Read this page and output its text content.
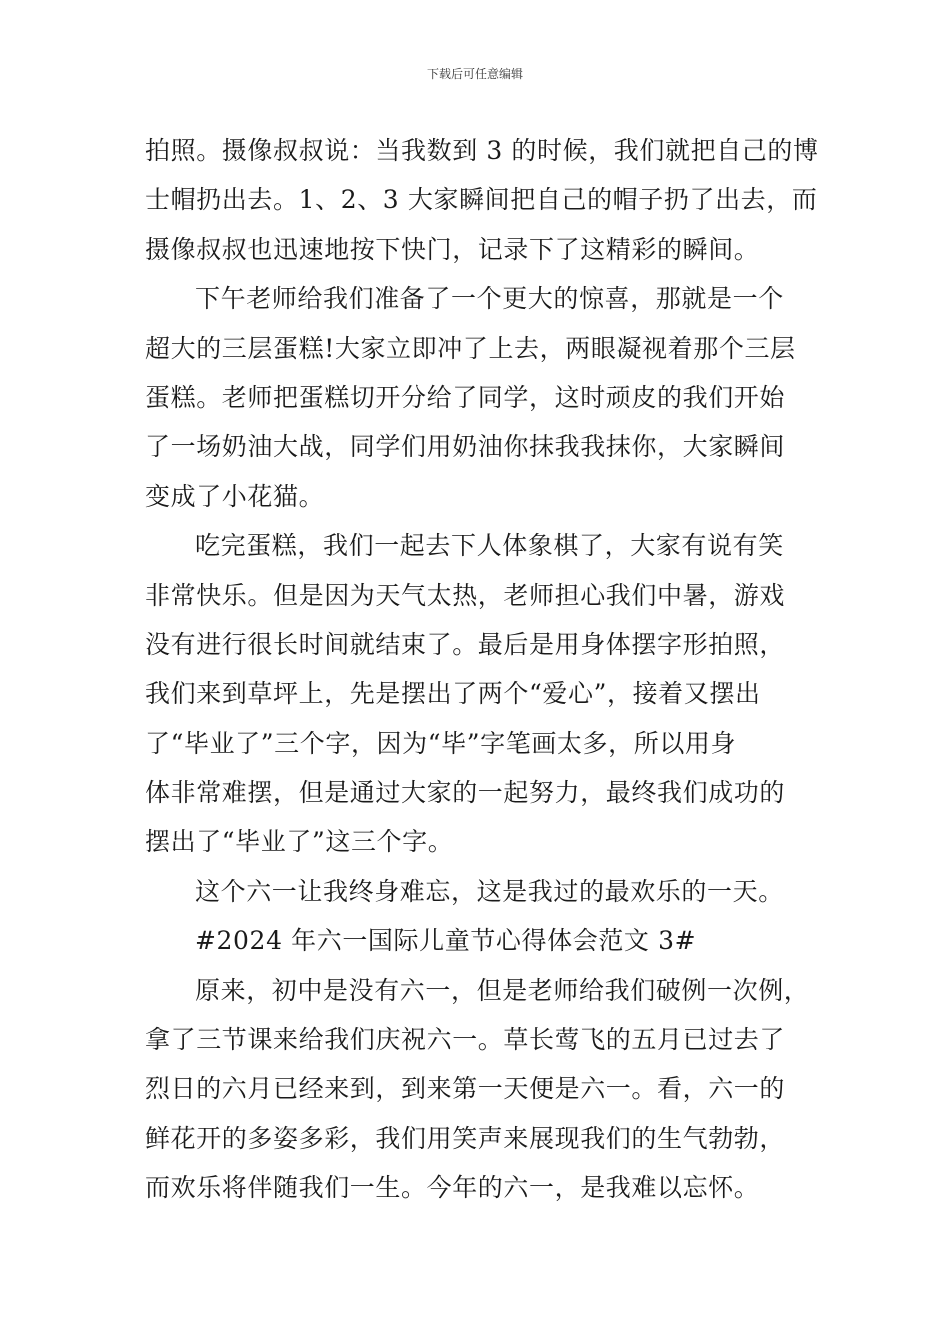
下载后可任意编辑
拍照。摄像叔叔说：当我数到 3 的时候，我们就把自己的博
士帽扔出去。1、2、3 大家瞬间把自己的帽子扔了出去，而
摄像叔叔也迅速地按下快门，记录下了这精彩的瞬间。
下午老师给我们准备了一个更大的惊喜，那就是一个
超大的三层蛋糕!大家立即冲了上去，两眼凝视着那个三层
蛋糕。老师把蛋糕切开分给了同学，这时顽皮的我们开始
了一场奶油大战，同学们用奶油你抹我我抹你，大家瞬间
变成了小花猫。
吃完蛋糕，我们一起去下人体象棋了，大家有说有笑
非常快乐。但是因为天气太热，老师担心我们中暑，游戏
没有进行很长时间就结束了。最后是用身体摆字形拍照，
我们来到草坪上，先是摆出了两个“爱心”，接着又摆出
了“毕业了”三个字，因为“毕”字笔画太多，所以用身
体非常难摆，但是通过大家的一起努力，最终我们成功的
摆出了“毕业了”这三个字。
这个六一让我终身难忘，这是我过的最欢乐的一天。
#2024 年六一国际儿童节心得体会范文 3#
原来，初中是没有六一，但是老师给我们破例一次例，
拿了三节课来给我们庆祝六一。草长莺飞的五月已过去了
烈日的六月已经来到，到来第一天便是六一。看，六一的
鲜花开的多姿多彩，我们用笑声来展现我们的生气勃勃，
而欢乐将伴随我们一生。今年的六一，是我难以忘怀。
